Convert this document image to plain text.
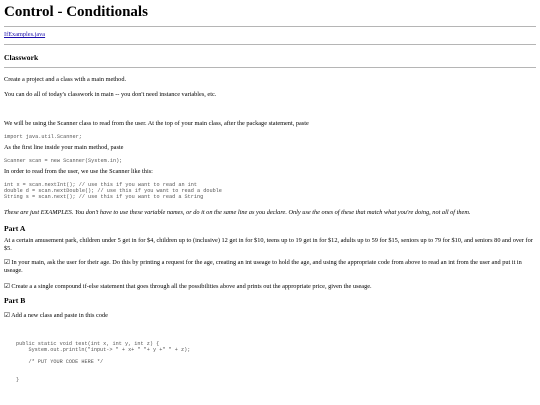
Control - Conditionals
IfExamples.java
Classwork
Create a project and a class with a main method.
You can do all of today's classwork in main -- you don't need instance variables, etc.
We will be using the Scanner class to read from the user. At the top of your main class, after the package statement, paste
import java.util.Scanner;
As the first line inside your main method, paste
Scanner scan = new Scanner(System.in);
In order to read from the user, we use the Scanner like this:
int x = scan.nextInt(); // use this if you want to read an int
double d = scan.nextDouble(); // use this if you want to read a double
String s = scan.next(); // use this if you want to read a String
These are just EXAMPLES. You don't have to use these variable names, or do it on the same line as you declare. Only use the ones of these that match what you're doing, not all of them.
Part A
At a certain amusement park, children under 5 get in for $4, children up to (inclusive) 12 get in for $10, teens up to 19 get in for $12, adults up to 59 for $15, seniors up to 79 for $10, and seniors 80 and over for $5.
☑ In your main, ask the user for their age. Do this by printing a request for the age, creating an int useage to hold the age, and using the appropriate code from above to read an int from the user and put it in useage.
☑ Create a a single compound if-else statement that goes through all the possibilities above and prints out the appropriate price, given the useage.
Part B
☑ Add a new class and paste in this code
public static void test(int x, int y, int z) {
System.out.println("input-> " + x+ " "+ y +" " + z);

/* PUT YOUR CODE HERE */

}
